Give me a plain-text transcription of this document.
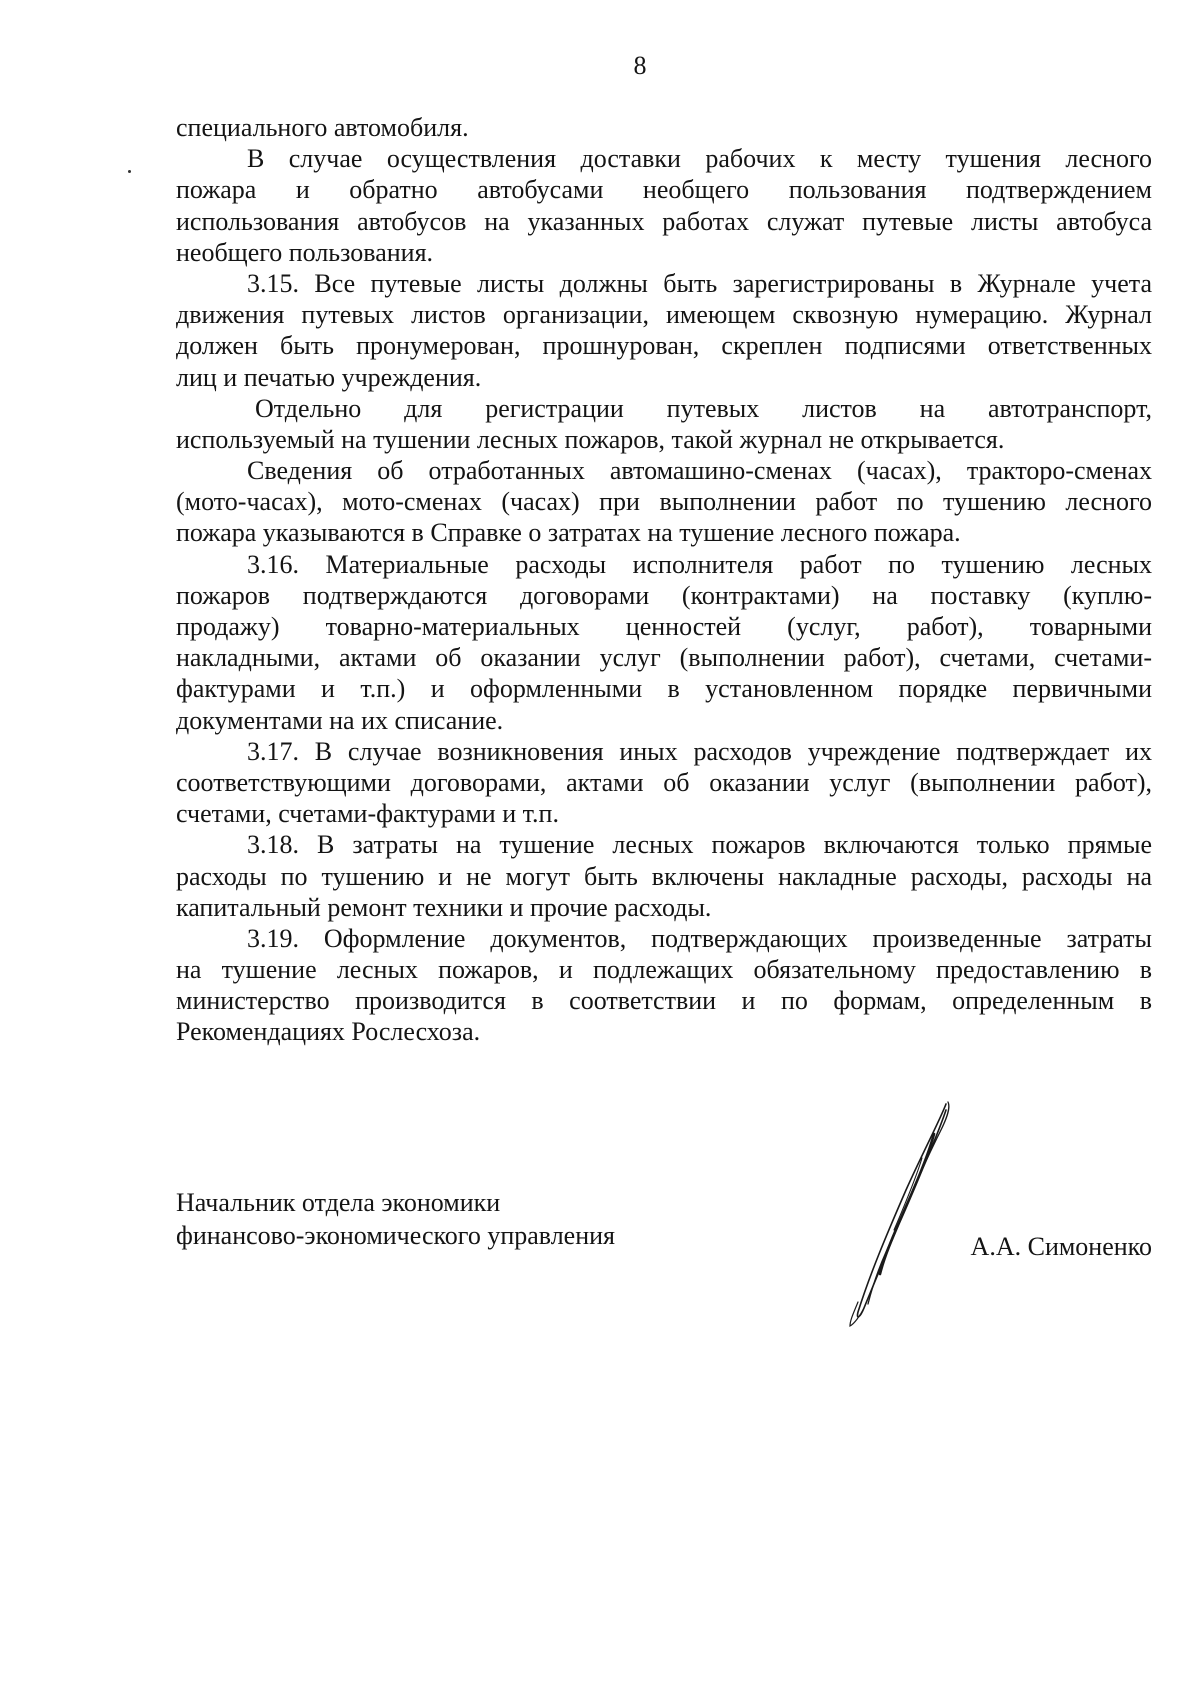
8
специального автомобиля.
В случае осуществления доставки рабочих к месту тушения лесного
пожара и обратно автобусами необщего пользования подтверждением
использования автобусов на указанных работах служат путевые листы автобуса
необщего пользования.
3.15. Все путевые листы должны быть зарегистрированы в Журнале учета
движения путевых листов организации, имеющем сквозную нумерацию. Журнал
должен быть пронумерован, прошнурован, скреплен подписями ответственных
лиц и печатью учреждения.
Отдельно для регистрации путевых листов на автотранспорт,
используемый на тушении лесных пожаров, такой журнал не открывается.
Сведения об отработанных автомашино-сменах (часах), тракторо-сменах
(мото-часах), мото-сменах (часах) при выполнении работ по тушению лесного
пожара указываются в Справке о затратах на тушение лесного пожара.
3.16. Материальные расходы исполнителя работ по тушению лесных
пожаров подтверждаются договорами (контрактами) на поставку (куплю-
продажу) товарно-материальных ценностей (услуг, работ), товарными
накладными, актами об оказании услуг (выполнении работ), счетами, счетами-
фактурами и т.п.) и оформленными в установленном порядке первичными
документами на их списание.
3.17. В случае возникновения иных расходов учреждение подтверждает их
соответствующими договорами, актами об оказании услуг (выполнении работ),
счетами, счетами-фактурами и т.п.
3.18. В затраты на тушение лесных пожаров включаются только прямые
расходы по тушению и не могут быть включены накладные расходы, расходы на
капитальный ремонт техники и прочие расходы.
3.19. Оформление документов, подтверждающих произведенные затраты
на тушение лесных пожаров, и подлежащих обязательному предоставлению в
министерство производится в соответствии и по формам, определенным в
Рекомендациях Рослесхоза.
Начальник отдела экономики
финансово-экономического управления	А.А. Симоненко
